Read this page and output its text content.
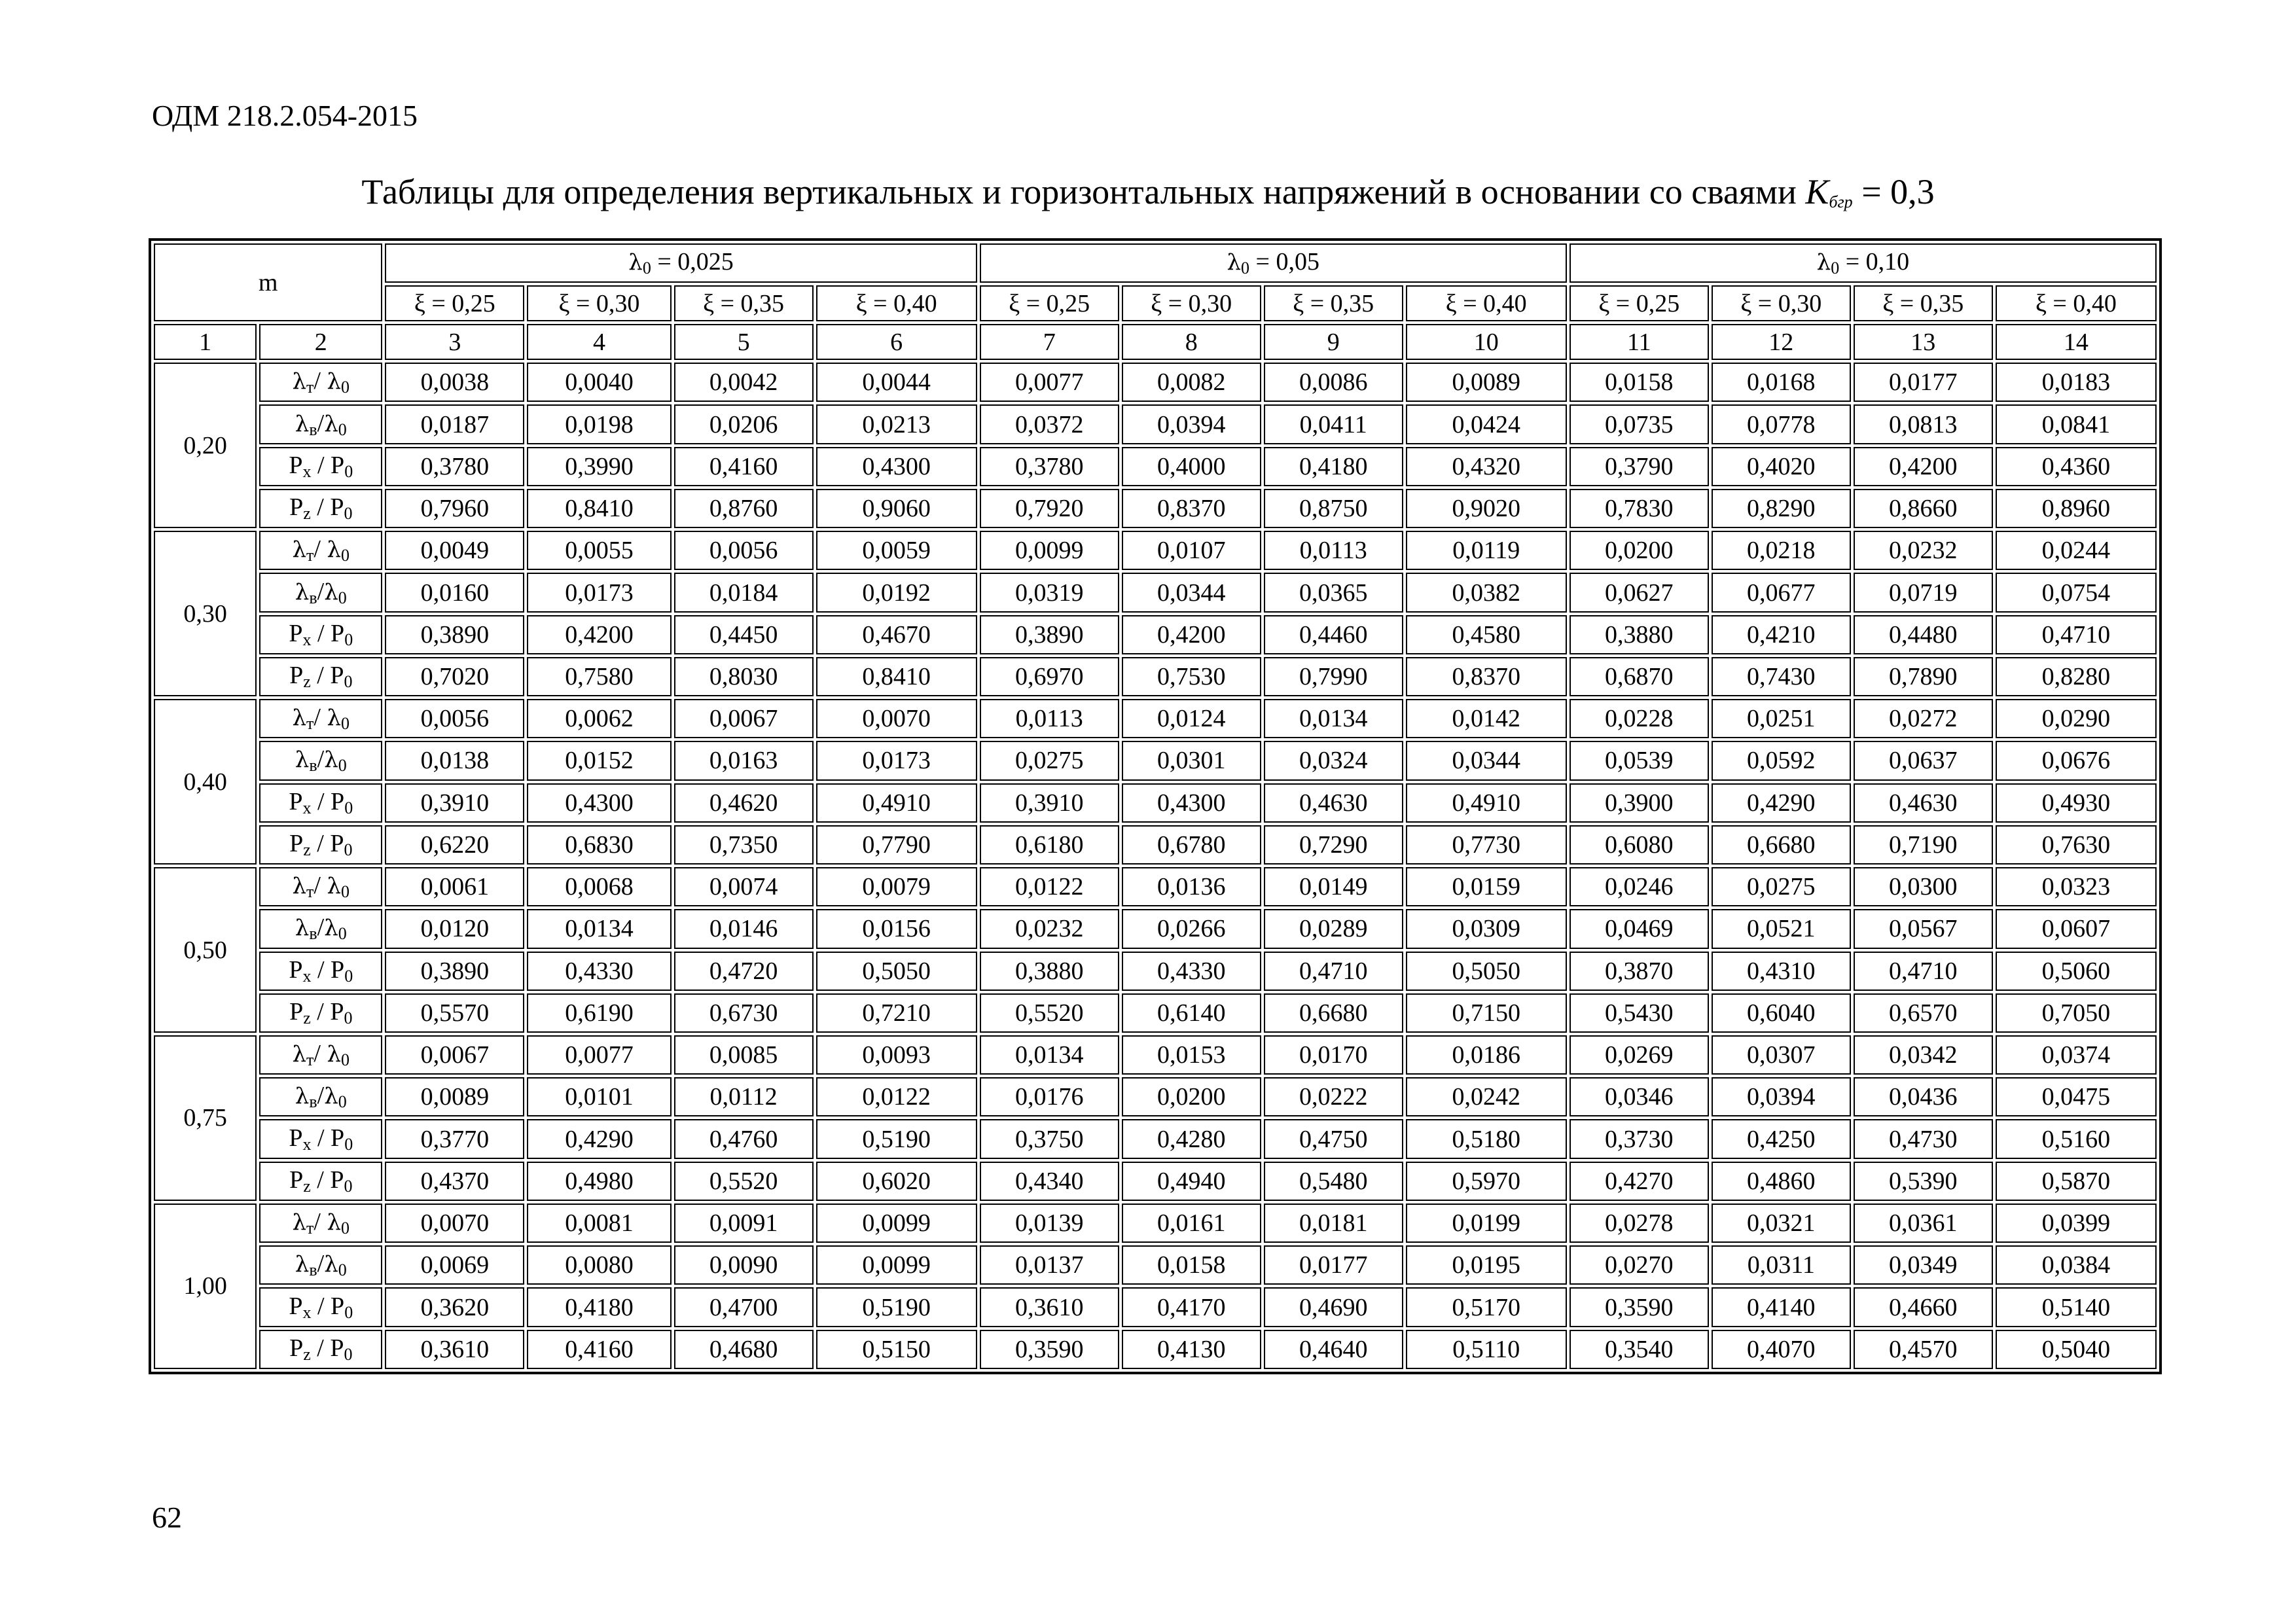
ОДМ 218.2.054-2015
Таблицы для определения вертикальных и горизонтальных напряжений в основании со сваями $K_{бгр} = 0,3$
m		$\lambda_0 = 0,025$				$\lambda_0 = 0,05$				$\lambda_0 = 0,10$			
		ξ = 0,25	ξ = 0,30	ξ = 0,35	ξ = 0,40	ξ = 0,25	ξ = 0,30	ξ = 0,35	ξ = 0,40	ξ = 0,25	ξ = 0,30	ξ = 0,35	ξ = 0,40
1	2	3	4	5	6	7	8	9	10	11	12	13	14
0,20	$\lambda_т/$ $\lambda_0$	0,0038	0,0040	0,0042	0,0044	0,0077	0,0082	0,0086	0,0089	0,0158	0,0168	0,0177	0,0183
	$\lambda_в/\lambda_0$	0,0187	0,0198	0,0206	0,0213	0,0372	0,0394	0,0411	0,0424	0,0735	0,0778	0,0813	0,0841
	$P_x / P_0$	0,3780	0,3990	0,4160	0,4300	0,3780	0,4000	0,4180	0,4320	0,3790	0,4020	0,4200	0,4360
	$P_z / P_0$	0,7960	0,8410	0,8760	0,9060	0,7920	0,8370	0,8750	0,9020	0,7830	0,8290	0,8660	0,8960
0,30	$\lambda_т/$ $\lambda_0$	0,0049	0,0055	0,0056	0,0059	0,0099	0,0107	0,0113	0,0119	0,0200	0,0218	0,0232	0,0244
	$\lambda_в/\lambda_0$	0,0160	0,0173	0,0184	0,0192	0,0319	0,0344	0,0365	0,0382	0,0627	0,0677	0,0719	0,0754
	$P_x / P_0$	0,3890	0,4200	0,4450	0,4670	0,3890	0,4200	0,4460	0,4580	0,3880	0,4210	0,4480	0,4710
	$P_z / P_0$	0,7020	0,7580	0,8030	0,8410	0,6970	0,7530	0,7990	0,8370	0,6870	0,7430	0,7890	0,8280
0,40	$\lambda_т/$ $\lambda_0$	0,0056	0,0062	0,0067	0,0070	0,0113	0,0124	0,0134	0,0142	0,0228	0,0251	0,0272	0,0290
	$\lambda_в/\lambda_0$	0,0138	0,0152	0,0163	0,0173	0,0275	0,0301	0,0324	0,0344	0,0539	0,0592	0,0637	0,0676
	$P_x / P_0$	0,3910	0,4300	0,4620	0,4910	0,3910	0,4300	0,4630	0,4910	0,3900	0,4290	0,4630	0,4930
	$P_z / P_0$	0,6220	0,6830	0,7350	0,7790	0,6180	0,6780	0,7290	0,7730	0,6080	0,6680	0,7190	0,7630
0,50	$\lambda_т/$ $\lambda_0$	0,0061	0,0068	0,0074	0,0079	0,0122	0,0136	0,0149	0,0159	0,0246	0,0275	0,0300	0,0323
	$\lambda_в/\lambda_0$	0,0120	0,0134	0,0146	0,0156	0,0232	0,0266	0,0289	0,0309	0,0469	0,0521	0,0567	0,0607
	$P_x / P_0$	0,3890	0,4330	0,4720	0,5050	0,3880	0,4330	0,4710	0,5050	0,3870	0,4310	0,4710	0,5060
	$P_z / P_0$	0,5570	0,6190	0,6730	0,7210	0,5520	0,6140	0,6680	0,7150	0,5430	0,6040	0,6570	0,7050
0,75	$\lambda_т/$ $\lambda_0$	0,0067	0,0077	0,0085	0,0093	0,0134	0,0153	0,0170	0,0186	0,0269	0,0307	0,0342	0,0374
	$\lambda_в/\lambda_0$	0,0089	0,0101	0,0112	0,0122	0,0176	0,0200	0,0222	0,0242	0,0346	0,0394	0,0436	0,0475
	$P_x / P_0$	0,3770	0,4290	0,4760	0,5190	0,3750	0,4280	0,4750	0,5180	0,3730	0,4250	0,4730	0,5160
	$P_z / P_0$	0,4370	0,4980	0,5520	0,6020	0,4340	0,4940	0,5480	0,5970	0,4270	0,4860	0,5390	0,5870
1,00	$\lambda_т/$ $\lambda_0$	0,0070	0,0081	0,0091	0,0099	0,0139	0,0161	0,0181	0,0199	0,0278	0,0321	0,0361	0,0399
	$\lambda_в/\lambda_0$	0,0069	0,0080	0,0090	0,0099	0,0137	0,0158	0,0177	0,0195	0,0270	0,0311	0,0349	0,0384
	$P_x / P_0$	0,3620	0,4180	0,4700	0,5190	0,3610	0,4170	0,4690	0,5170	0,3590	0,4140	0,4660	0,5140
	$P_z / P_0$	0,3610	0,4160	0,4680	0,5150	0,3590	0,4130	0,4640	0,5110	0,3540	0,4070	0,4570	0,5040
62
